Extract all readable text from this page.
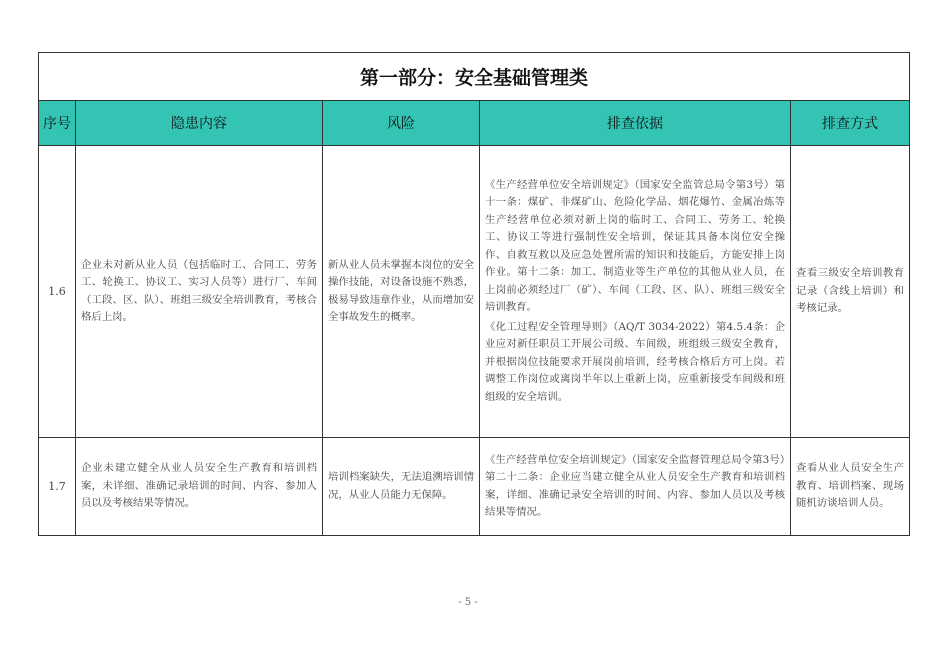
第一部分：安全基础管理类				
序号	隐患内容	风险	排查依据	排查方式
1.6	企业未对新从业人员（包括临时工、合同工、劳务工、轮换工、协议工、实习人员等）进行厂、车间（工段、区、队）、班组三级安全培训教育，考核合格后上岗。	新从业人员未掌握本岗位的安全操作技能，对设备设施不熟悉，极易导致违章作业，从而增加安全事故发生的概率。	《生产经营单位安全培训规定》（国家安全监管总局令第3号）第十一条：煤矿、非煤矿山、危险化学品、烟花爆竹、金属冶炼等生产经营单位必须对新上岗的临时工、合同工、劳务工、轮换工、协议工等进行强制性安全培训，保证其具备本岗位安全操作、自救互救以及应急处置所需的知识和技能后，方能安排上岗作业。第十二条：加工、制造业等生产单位的其他从业人员，在上岗前必须经过厂（矿）、车间（工段、区、队）、班组三级安全培训教育。

《化工过程安全管理导则》（AQ/T 3034-2022）第4.5.4条：企业应对新任职员工开展公司级、车间级，班组级三级安全教育，并根据岗位技能要求开展岗前培训，经考核合格后方可上岗。若调整工作岗位或离岗半年以上重新上岗，应重新接受车间级和班组级的安全培训。	查看三级安全培训教育记录（含线上培训）和考核记录。
1.7	企业未建立健全从业人员安全生产教育和培训档案，未详细、准确记录培训的时间、内容、参加人员以及考核结果等情况。	培训档案缺失，无法追溯培训情况，从业人员能力无保障。	《生产经营单位安全培训规定》（国家安全监督管理总局令第3号）第二十二条：企业应当建立健全从业人员安全生产教育和培训档案，详细、准确记录安全培训的时间、内容、参加人员以及考核结果等情况。	查看从业人员安全生产教育、培训档案、现场随机访谈培训人员。
- 5 -
